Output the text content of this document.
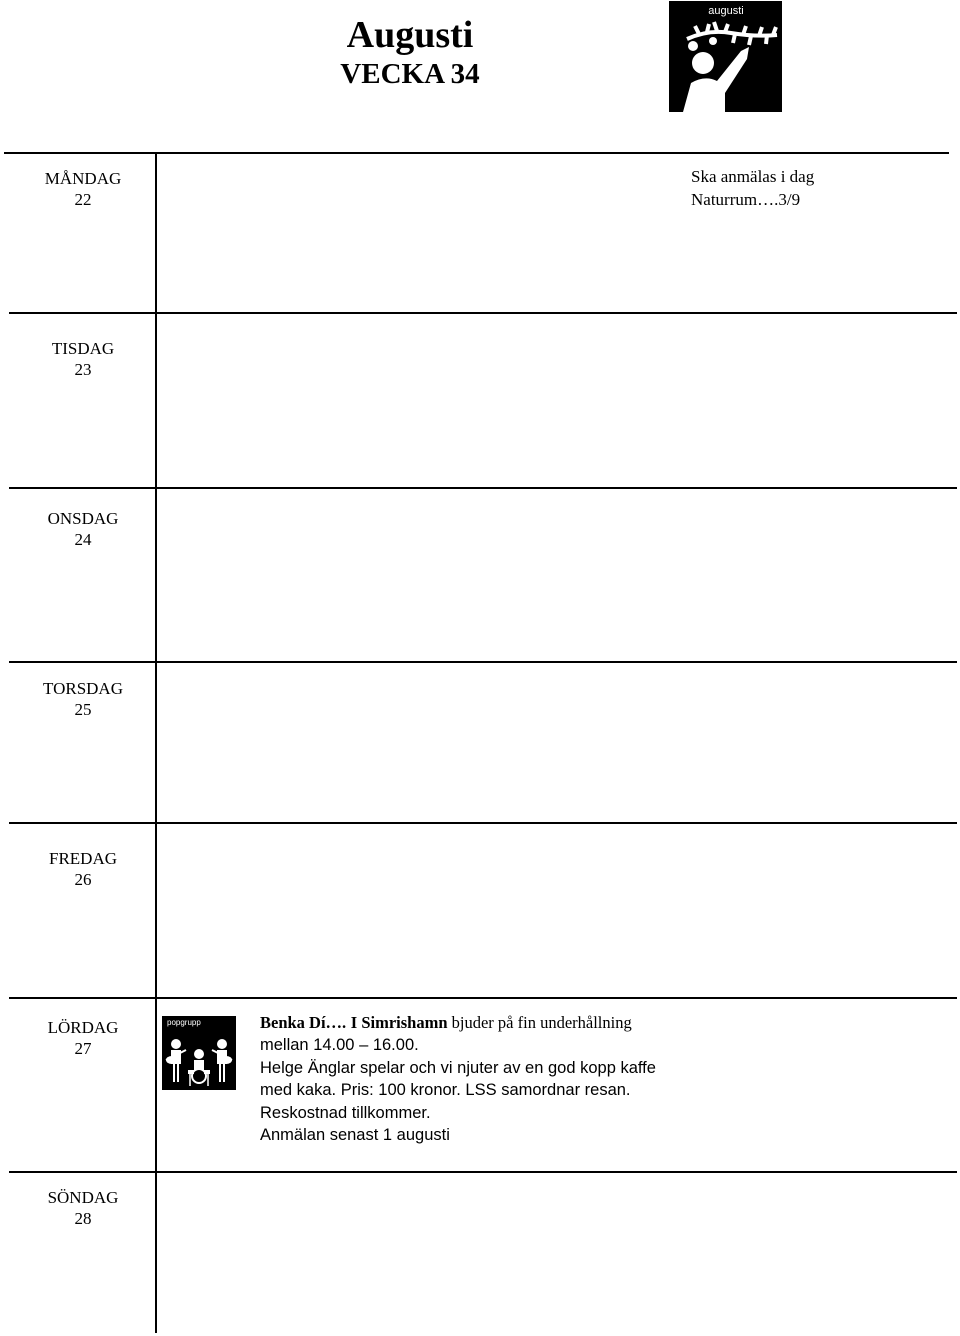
Augusti
VECKA 34
augusti
MÅNDAG
22
TISDAG
23
ONSDAG
24
TORSDAG
25
FREDAG
26
LÖRDAG
27
SÖNDAG
28
Ska anmälas i dag
Naturrum….3/9
popgrupp	Benka Dí…. I Simrishamn bjuder på fin underhållning
mellan 14.00 – 16.00.
Helge Änglar spelar och vi njuter av en god kopp kaffe
med kaka. Pris: 100 kronor. LSS samordnar resan.
Reskostnad tillkommer.
Anmälan senast 1 augusti
